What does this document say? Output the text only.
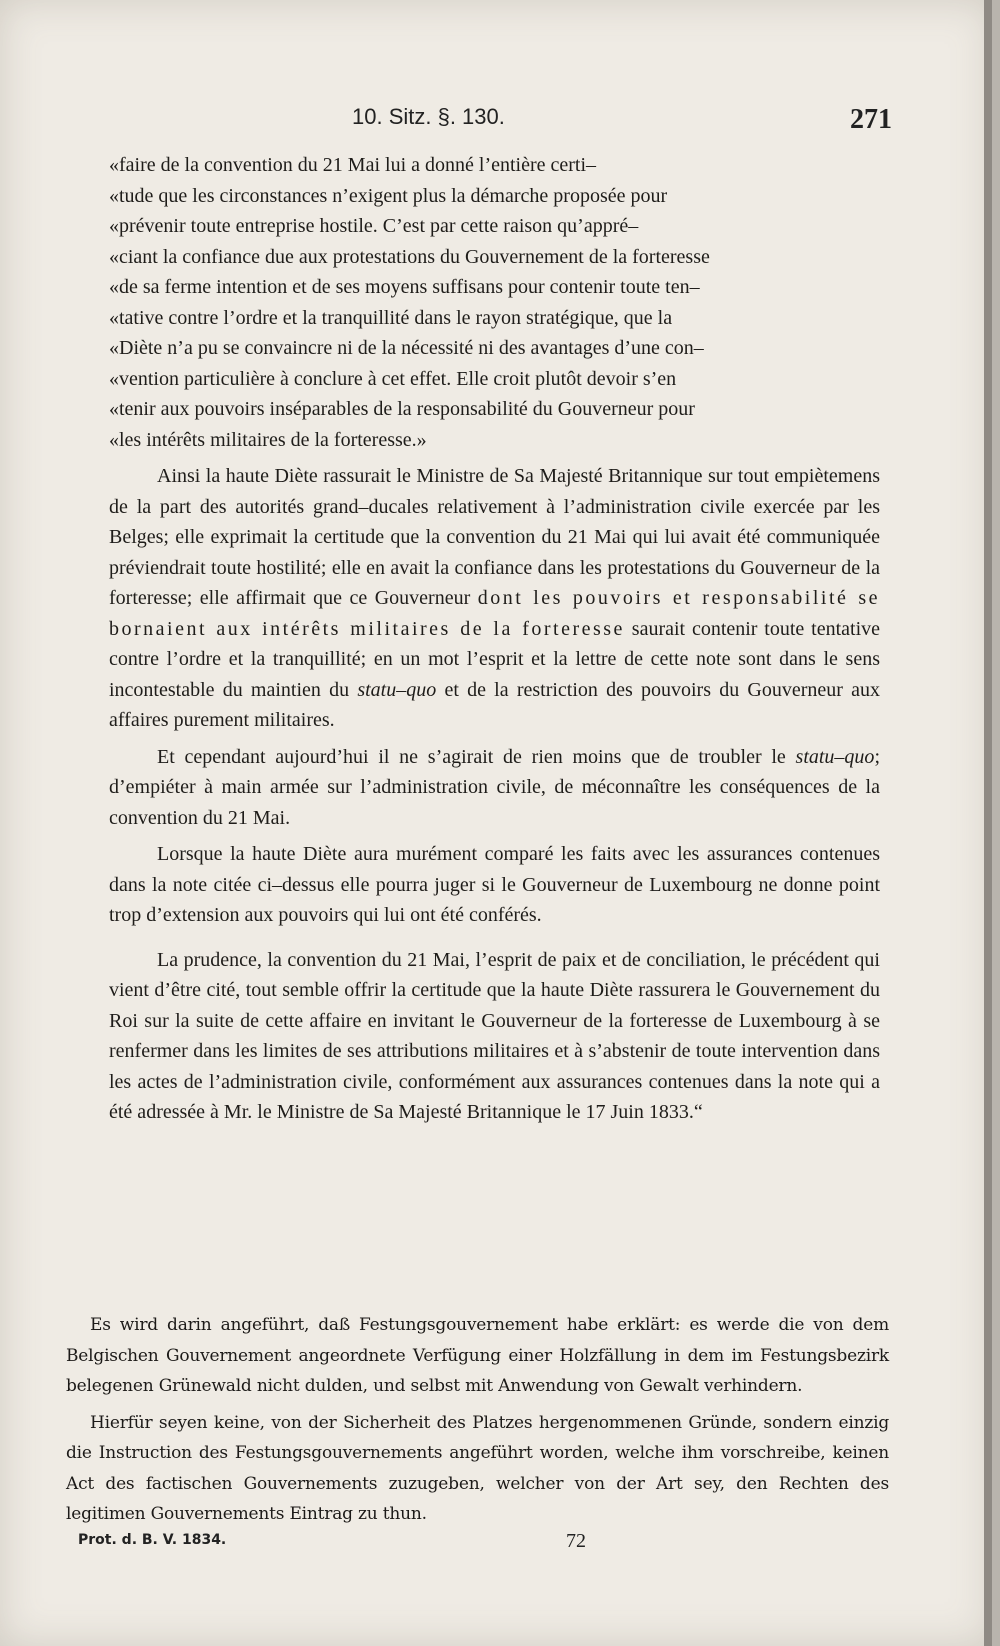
10. Sitz. §. 130.	271

«faire de la convention du 21 Mai lui a donné l’entière certi–
«tude que les circonstances n’exigent plus la démarche proposée pour
«prévenir toute entreprise hostile. C’est par cette raison qu’appré–
«ciant la confiance due aux protestations du Gouvernement de la forteresse
«de sa ferme intention et de ses moyens suffisans pour contenir toute ten–
«tative contre l’ordre et la tranquillité dans le rayon stratégique, que la
«Diète n’a pu se convaincre ni de la nécessité ni des avantages d’une con–
«vention particulière à conclure à cet effet. Elle croit plutôt devoir s’en
«tenir aux pouvoirs inséparables de la responsabilité du Gouverneur pour
«les intérêts militaires de la forteresse.»

Ainsi la haute Diète rassurait le Ministre de Sa Majesté Britannique sur tout empiètemens de la part des autorités grand–ducales relativement à l’administration civile exercée par les Belges; elle exprimait la certitude que la convention du 21 Mai qui lui avait été communiquée préviendrait toute hostilité; elle en avait la confiance dans les protestations du Gouverneur de la forteresse; elle affirmait que ce Gouverneur dont les pouvoirs et responsabilité se bornaient aux intérêts militaires de la forteresse saurait contenir toute tentative contre l’ordre et la tranquillité; en un mot l’esprit et la lettre de cette note sont dans le sens incontestable du maintien du statu–quo et de la restriction des pouvoirs du Gouverneur aux affaires purement militaires.

Et cependant aujourd’hui il ne s’agirait de rien moins que de troubler le statu–quo; d’empiéter à main armée sur l’administration civile, de méconnaître les conséquences de la convention du 21 Mai.

Lorsque la haute Diète aura murément comparé les faits avec les assurances contenues dans la note citée ci–dessus elle pourra juger si le Gouverneur de Luxembourg ne donne point trop d’extension aux pouvoirs qui lui ont été conférés.

La prudence, la convention du 21 Mai, l’esprit de paix et de conciliation, le précédent qui vient d’être cité, tout semble offrir la certitude que la haute Diète rassurera le Gouvernement du Roi sur la suite de cette affaire en invitant le Gouverneur de la forteresse de Luxembourg à se renfermer dans les limites de ses attributions militaires et à s’abstenir de toute intervention dans les actes de l’administration civile, conformément aux assurances contenues dans la note qui a été adressée à Mr. le Ministre de Sa Majesté Britannique le 17 Juin 1833.“

Es wird darin angeführt, daß Festungsgouvernement habe erklärt: es werde die von dem Belgischen Gouvernement angeordnete Verfügung einer Holzfällung in dem im Festungsbezirk belegenen Grünewald nicht dulden, und selbst mit Anwendung von Gewalt verhindern.

Hierfür seyen keine, von der Sicherheit des Platzes hergenommenen Gründe, sondern einzig die Instruction des Festungsgouvernements angeführt worden, welche ihm vorschreibe, keinen Act des factischen Gouvernements zuzugeben, welcher von der Art sey, den Rechten des legitimen Gouvernements Eintrag zu thun.

Prot. d. B. V. 1834.	72
